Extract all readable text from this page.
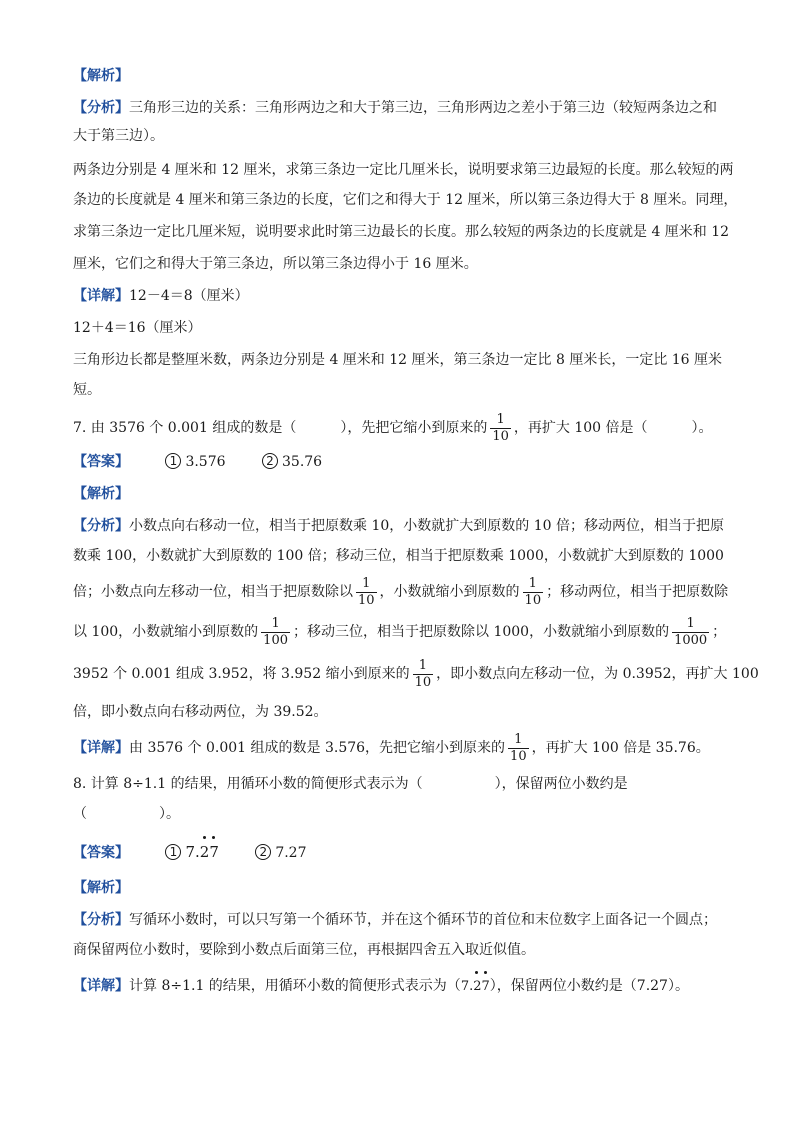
【解析】
【分析】三角形三边的关系：三角形两边之和大于第三边，三角形两边之差小于第三边（较短两条边之和
大于第三边）。
两条边分别是 4 厘米和 12 厘米，求第三条边一定比几厘米长，说明要求第三边最短的长度。那么较短的两
条边的长度就是 4 厘米和第三条边的长度，它们之和得大于 12 厘米，所以第三条边得大于 8 厘米。同理，
求第三条边一定比几厘米短，说明要求此时第三边最长的长度。那么较短的两条边的长度就是 4 厘米和 12
厘米，它们之和得大于第三条边，所以第三条边得小于 16 厘米。
【详解】12－4＝8（厘米）
12＋4＝16（厘米）
三角形边长都是整厘米数，两条边分别是 4 厘米和 12 厘米，第三条边一定比 8 厘米长，一定比 16 厘米
短。
7. 由 3576 个 0.001 组成的数是（	），先把它缩小到原来的 $\frac{1}{10}$ ，再扩大 100 倍是（	）。
【答案】	1 3.576	2 35.76
【解析】
【分析】小数点向右移动一位，相当于把原数乘 10，小数就扩大到原数的 10 倍；移动两位，相当于把原
数乘 100，小数就扩大到原数的 100 倍；移动三位，相当于把原数乘 1000，小数就扩大到原数的 1000
倍；小数点向左移动一位，相当于把原数除以 $\frac{1}{10}$ ，小数就缩小到原数的 $\frac{1}{10}$ ；移动两位，相当于把原数除
以 100，小数就缩小到原数的 $\frac{1}{100}$ ；移动三位，相当于把原数除以 1000，小数就缩小到原数的 $\frac{1}{1000}$ ；
3952 个 0.001 组成 3.952，将 3.952 缩小到原来的 $\frac{1}{10}$ ，即小数点向左移动一位，为 0.3952，再扩大 100
倍，即小数点向右移动两位，为 39.52。
【详解】由 3576 个 0.001 组成的数是 3.576，先把它缩小到原来的 $\frac{1}{10}$ ，再扩大 100 倍是 35.76。
8. 计算 8÷1.1 的结果，用循环小数的简便形式表示为（	），保留两位小数约是
（	）。
【答案】	1 7.
2
7	2 7.27
【解析】
【分析】写循环小数时，可以只写第一个循环节，并在这个循环节的首位和末位数字上面各记一个圆点；
商保留两位小数时，要除到小数点后面第三位，再根据四舍五入取近似值。
【详解】计算 8÷1.1 的结果，用循环小数的简便形式表示为（7.
2
7），保留两位小数约是（7.27）。
